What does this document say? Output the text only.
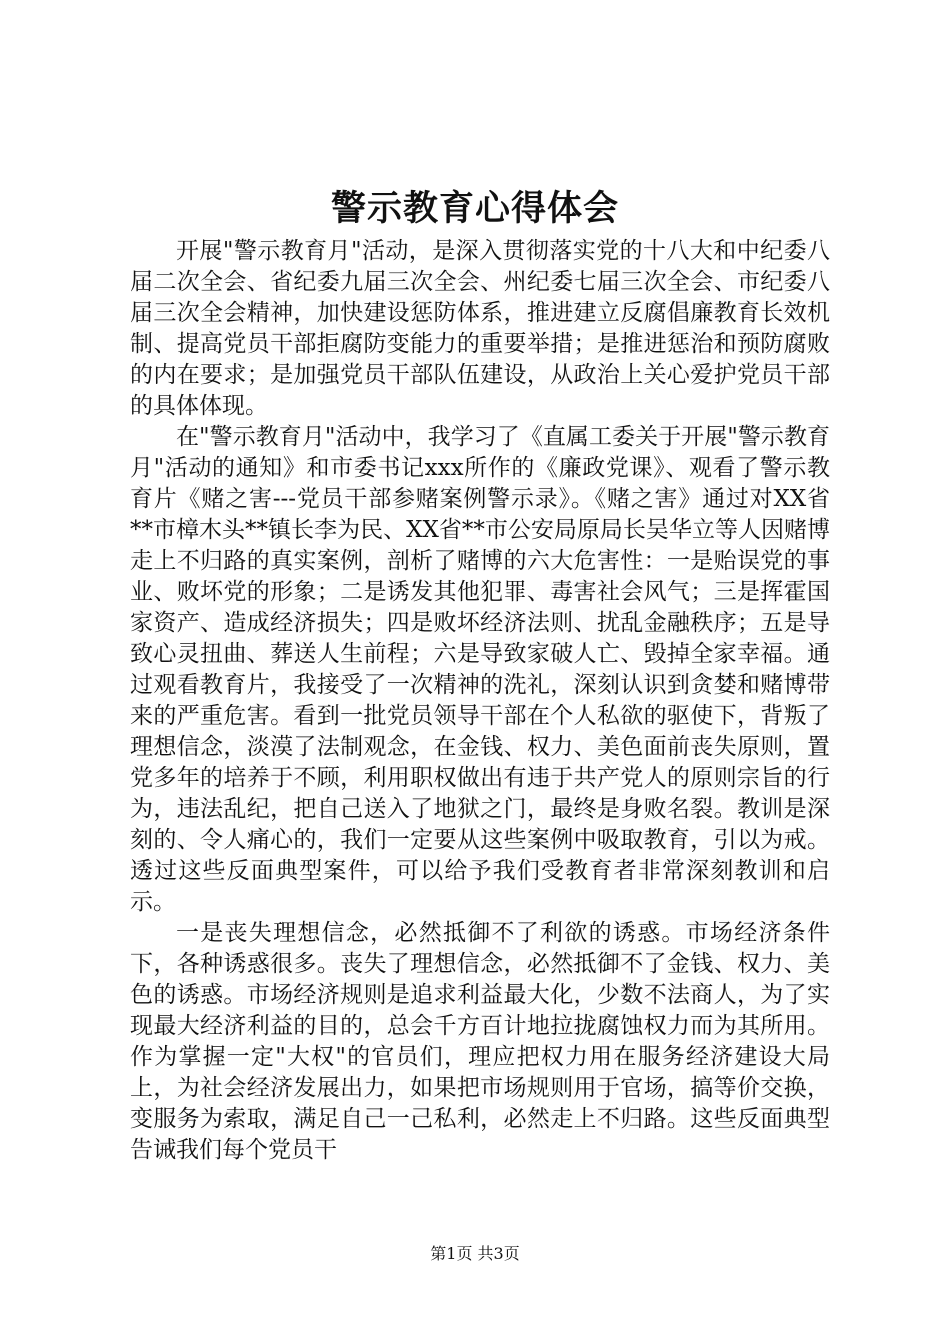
警示教育心得体会

开展"警示教育月"活动，是深入贯彻落实党的十八大和中纪委八届二次全会、省纪委九届三次全会、州纪委七届三次全会、市纪委八届三次全会精神，加快建设惩防体系，推进建立反腐倡廉教育长效机制、提高党员干部拒腐防变能力的重要举措；是推进惩治和预防腐败的内在要求；是加强党员干部队伍建设，从政治上关心爱护党员干部的具体体现。

在"警示教育月"活动中，我学习了《直属工委关于开展"警示教育月"活动的通知》和市委书记xxx所作的《廉政党课》、观看了警示教育片《赌之害---党员干部参赌案例警示录》。《赌之害》通过对XX省**市樟木头**镇长李为民、XX省**市公安局原局长吴华立等人因赌博走上不归路的真实案例，剖析了赌博的六大危害性：一是贻误党的事业、败坏党的形象；二是诱发其他犯罪、毒害社会风气；三是挥霍国家资产、造成经济损失；四是败坏经济法则、扰乱金融秩序；五是导致心灵扭曲、葬送人生前程；六是导致家破人亡、毁掉全家幸福。通过观看教育片，我接受了一次精神的洗礼，深刻认识到贪婪和赌博带来的严重危害。看到一批党员领导干部在个人私欲的驱使下，背叛了理想信念，淡漠了法制观念，在金钱、权力、美色面前丧失原则，置党多年的培养于不顾，利用职权做出有违于共产党人的原则宗旨的行为，违法乱纪，把自己送入了地狱之门，最终是身败名裂。教训是深刻的、令人痛心的，我们一定要从这些案例中吸取教育，引以为戒。透过这些反面典型案件，可以给予我们受教育者非常深刻教训和启示。

一是丧失理想信念，必然抵御不了利欲的诱惑。市场经济条件下，各种诱惑很多。丧失了理想信念，必然抵御不了金钱、权力、美色的诱惑。市场经济规则是追求利益最大化，少数不法商人，为了实现最大经济利益的目的，总会千方百计地拉拢腐蚀权力而为其所用。作为掌握一定"大权"的官员们，理应把权力用在服务经济建设大局上，为社会经济发展出力，如果把市场规则用于官场，搞等价交换，变服务为索取，满足自己一己私利，必然走上不归路。这些反面典型告诫我们每个党员干

第1页 共3页
